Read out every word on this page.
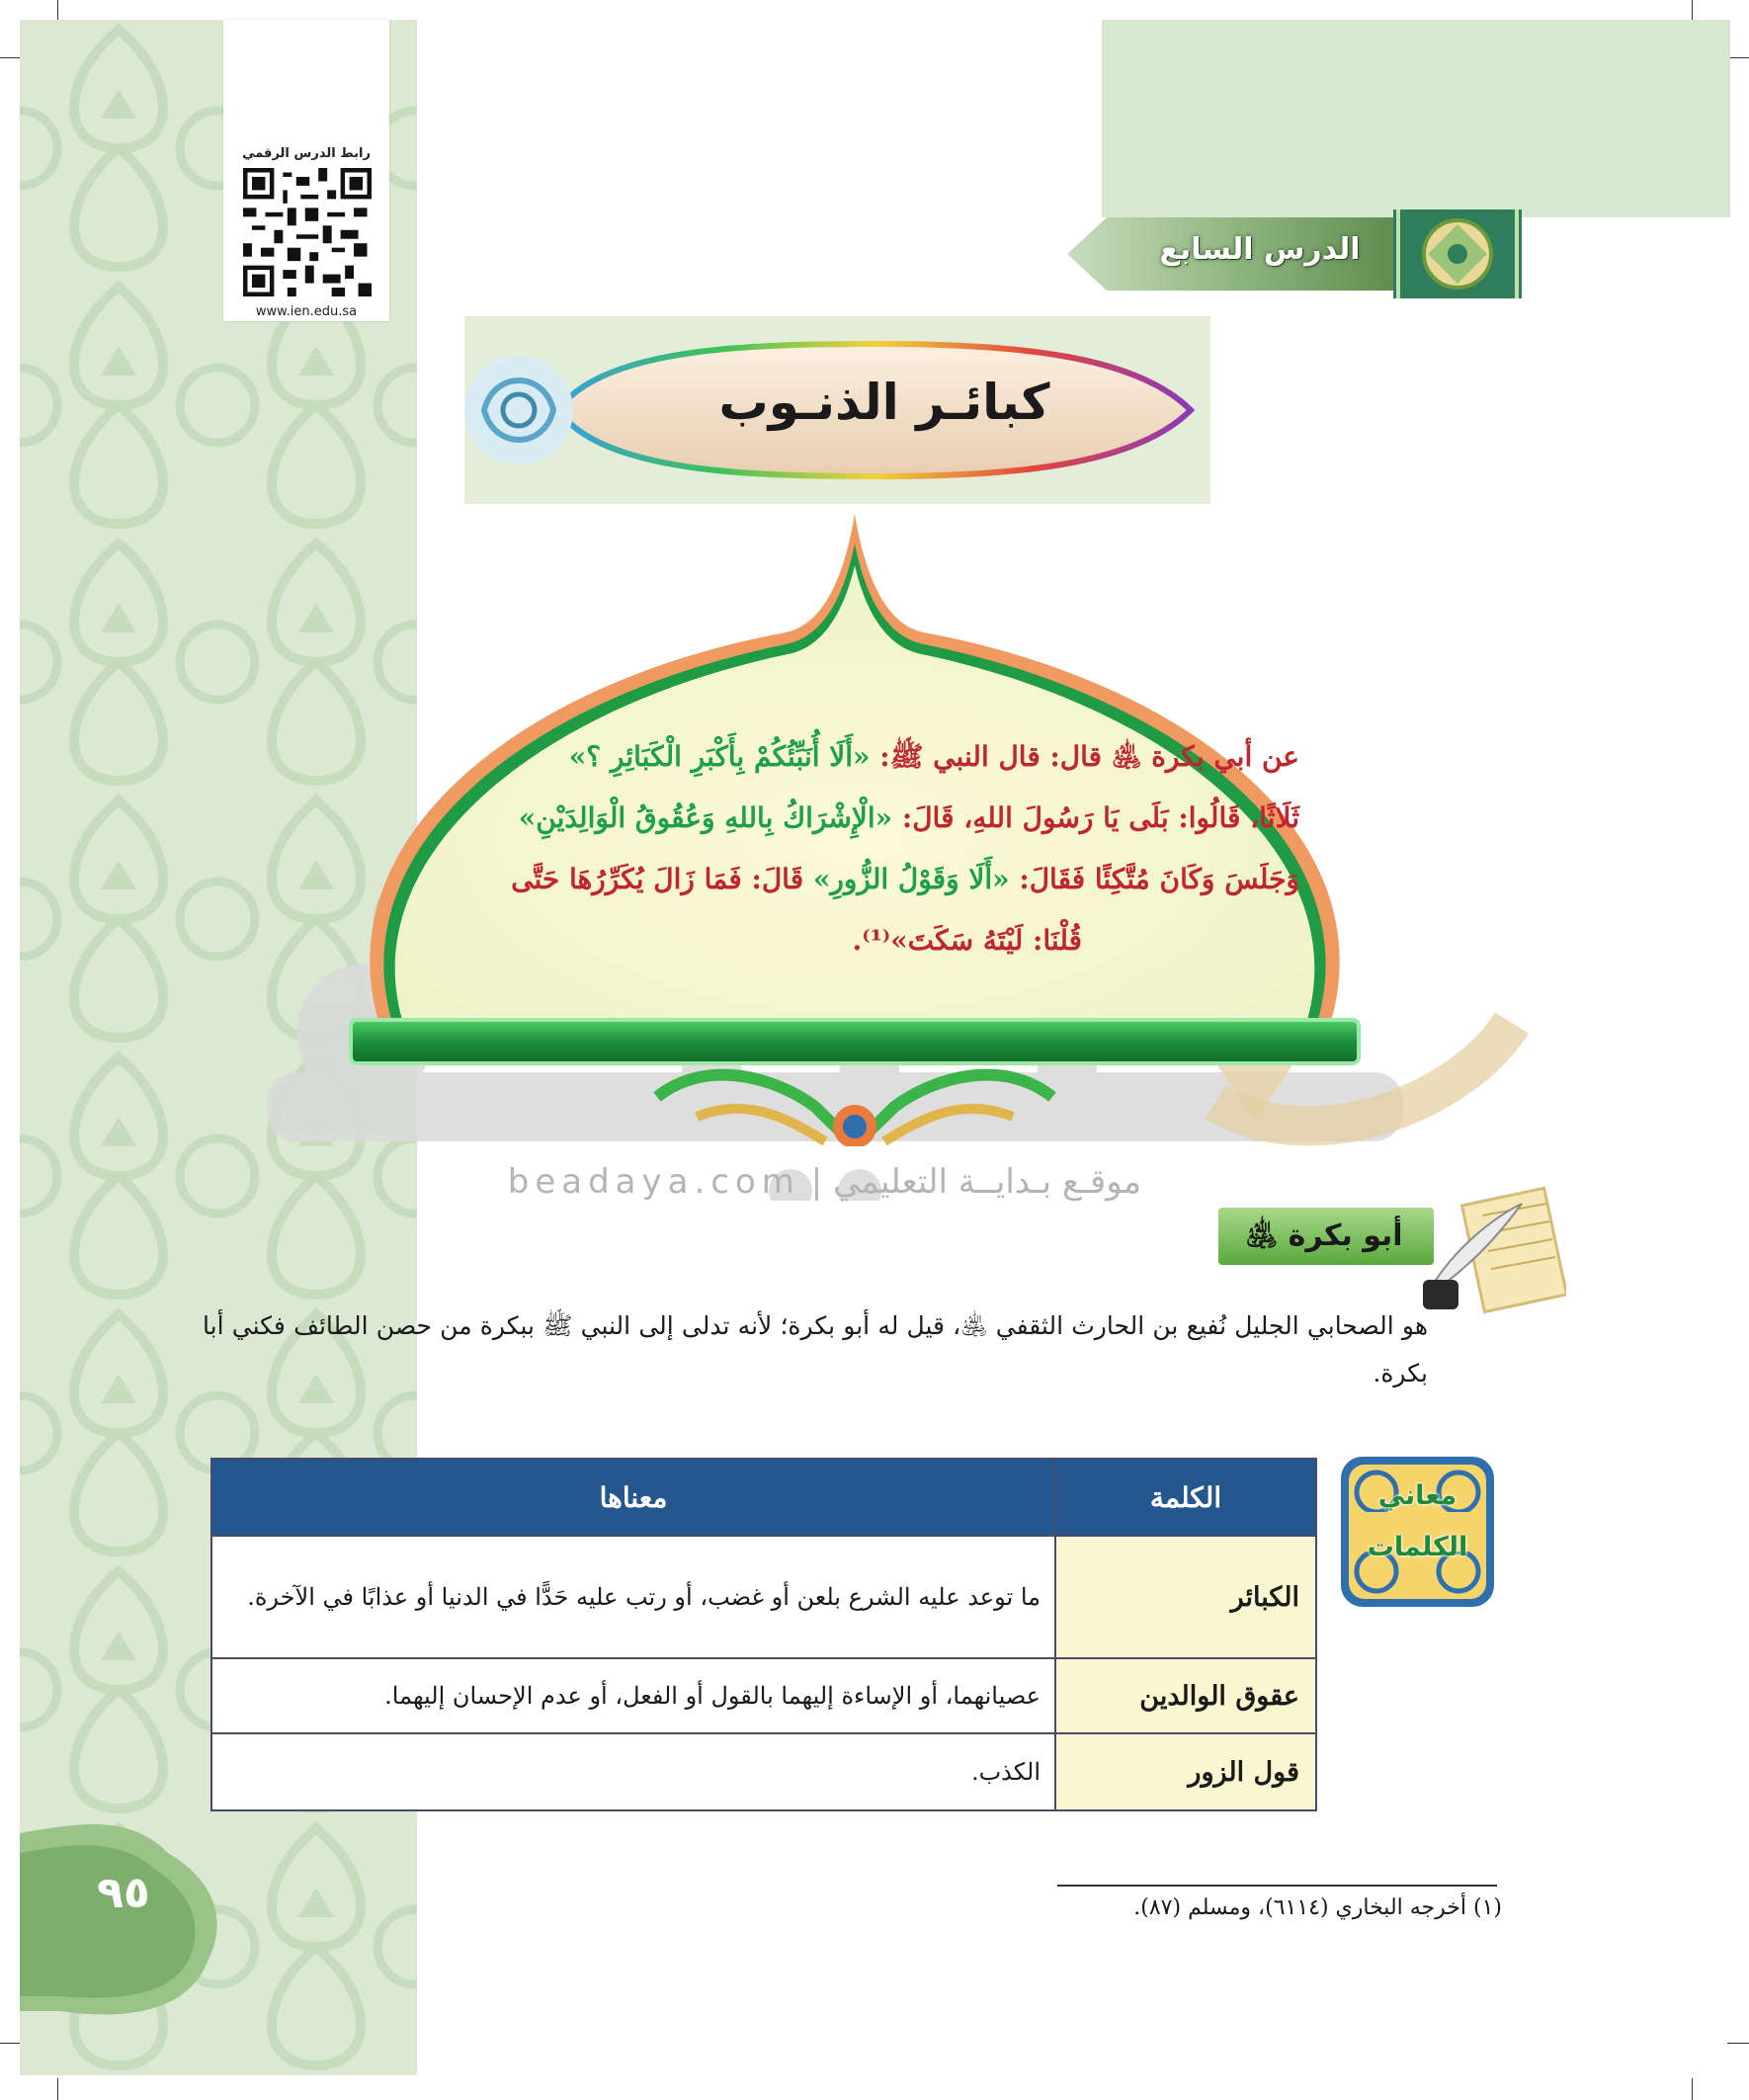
رابط الدرس الرقمي
www.ien.edu.sa
الدرس السابع
كبائـر الذنـوب
موقـع بـدايــة التعليمي | beadaya.com
عن أبي بكرة ﵁ قال: قال النبي ﷺ: «أَلَا أُنَبِّئُكُمْ بِأَكْبَرِ الْكَبَائِرِ ؟»
ثَلَاثًا، قَالُوا: بَلَى يَا رَسُولَ اللهِ، قَالَ: «الْإِشْرَاكُ بِاللهِ وَعُقُوقُ الْوَالِدَيْنِ»
وَجَلَسَ وَكَانَ مُتَّكِئًا فَقَالَ: «أَلَا وَقَوْلُ الزُّورِ» قَالَ: فَمَا زَالَ يُكَرِّرُهَا حَتَّى
قُلْنَا: لَيْتَهُ سَكَتَ»⁽¹⁾.
أبو بكرة ﵁
هو الصحابي الجليل نُفيع بن الحارث الثقفي ﵁، قيل له أبو بكرة؛ لأنه تدلى إلى النبي ﷺ ببكرة من حصن الطائف فكني أبا بكرة.
معاني
الكلمات
الكلمة	معناها
الكبائر	ما توعد عليه الشرع بلعن أو غضب، أو رتب عليه حَدًّا في الدنيا أو عذابًا في الآخرة.
عقوق الوالدين	عصيانهما، أو الإساءة إليهما بالقول أو الفعل، أو عدم الإحسان إليهما.
قول الزور	الكذب.
٩٥	(١) أخرجه البخاري (٦١١٤)، ومسلم (٨٧).
